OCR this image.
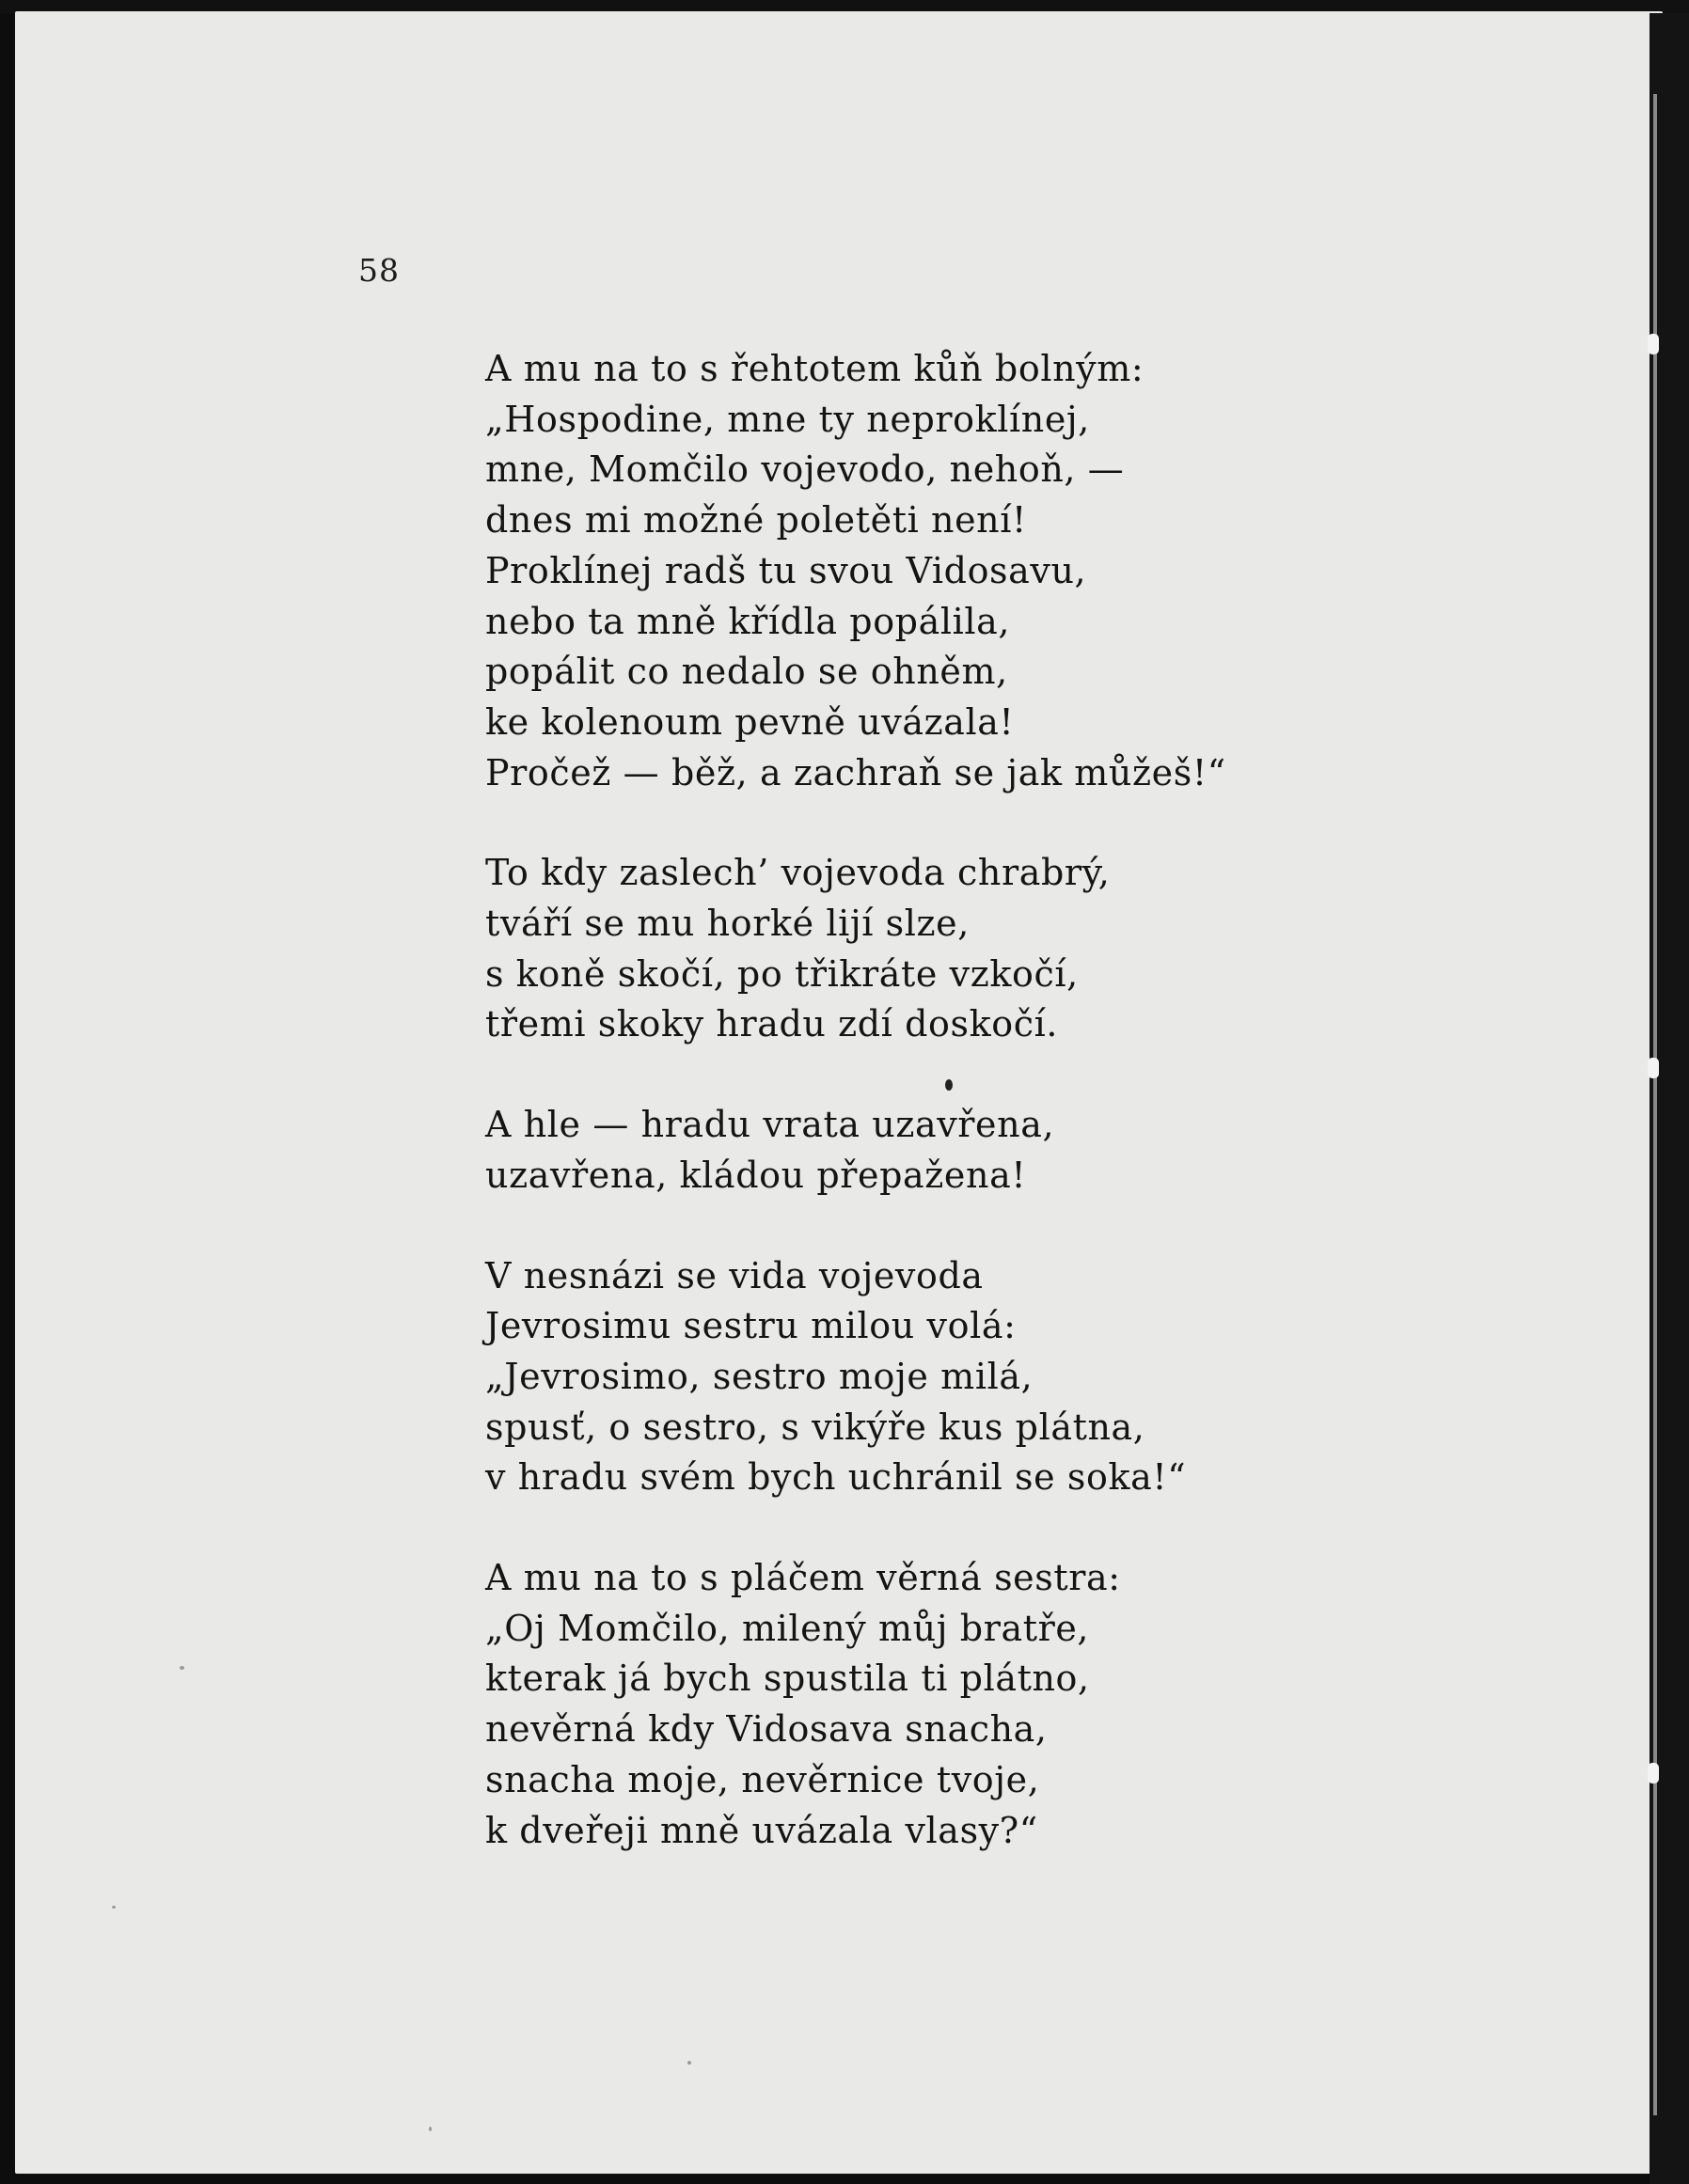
58
A mu na to s řehtotem kůň bolným:
„Hospodine, mne ty neproklínej,
mne, Momčilo vojevodo, nehoň, —
dnes mi možné poletěti není!
Proklínej radš tu svou Vidosavu,
nebo ta mně křídla popálila,
popálit co nedalo se ohněm,
ke kolenoum pevně uvázala!
Pročež — běž, a zachraň se jak můžeš!“
To kdy zaslech’ vojevoda chrabrý,
tváří se mu horké lijí slze,
s koně skočí, po třikráte vzkočí,
třemi skoky hradu zdí doskočí.
A hle — hradu vrata uzavřena,
uzavřena, kládou přepažena!
V nesnázi se vida vojevoda
Jevrosimu sestru milou volá:
„Jevrosimo, sestro moje milá,
spusť, o sestro, s vikýře kus plátna,
v hradu svém bych uchránil se soka!“
A mu na to s pláčem věrná sestra:
„Oj Momčilo, milený můj bratře,
kterak já bych spustila ti plátno,
nevěrná kdy Vidosava snacha,
snacha moje, nevěrnice tvoje,
k dveřeji mně uvázala vlasy?“
